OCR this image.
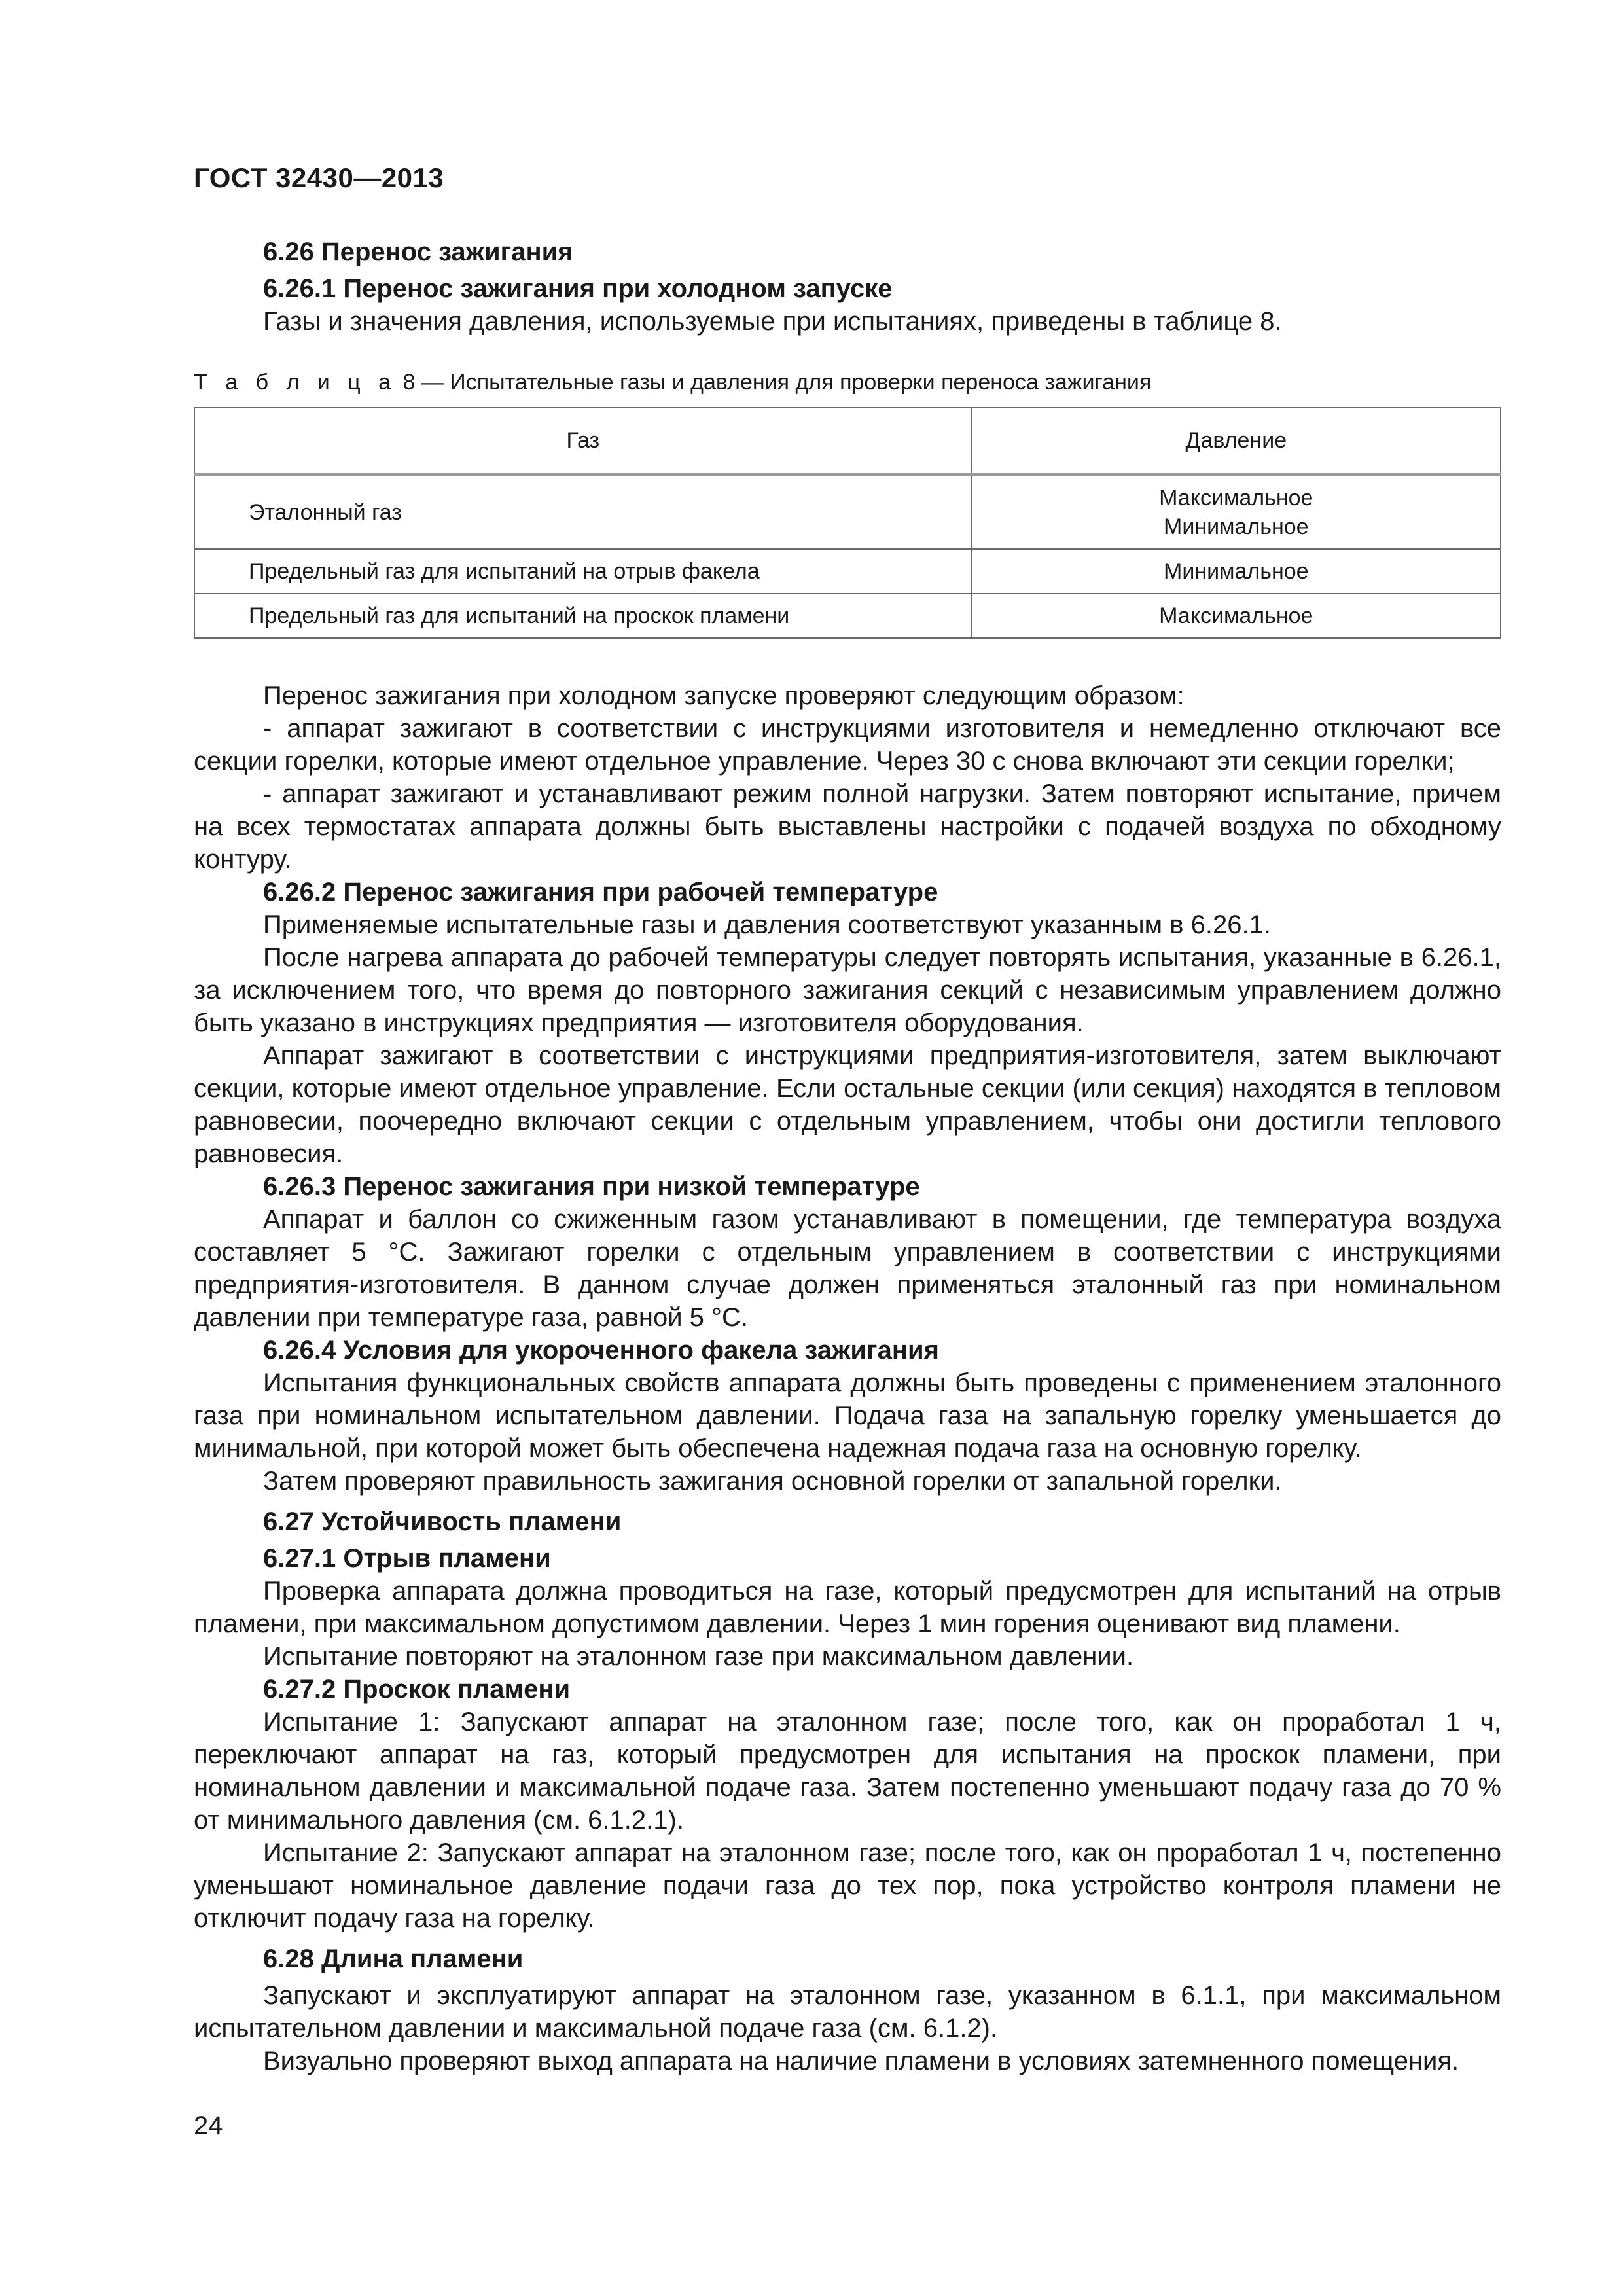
ГОСТ 32430—2013

6.26 Перенос зажигания

6.26.1 Перенос зажигания при холодном запуске

Газы и значения давления, используемые при испытаниях, приведены в таблице 8.

Т а б л и ц а 8 — Испытательные газы и давления для проверки переноса зажигания
Газ	Давление
Эталонный газ	Максимальное
Минимальное

Предельный газ для испытаний на отрыв факела	Минимальное
Предельный газ для испытаний на проскок пламени	Максимальное

Перенос зажигания при холодном запуске проверяют следующим образом:

- аппарат зажигают в соответствии с инструкциями изготовителя и немедленно отключают все секции горелки, которые имеют отдельное управление. Через 30 с снова включают эти секции горелки;

- аппарат зажигают и устанавливают режим полной нагрузки. Затем повторяют испытание, причем на всех термостатах аппарата должны быть выставлены настройки с подачей воздуха по обходному контуру.

6.26.2 Перенос зажигания при рабочей температуре

Применяемые испытательные газы и давления соответствуют указанным в 6.26.1.

После нагрева аппарата до рабочей температуры следует повторять испытания, указанные в 6.26.1, за исключением того, что время до повторного зажигания секций с независимым управлением должно быть указано в инструкциях предприятия — изготовителя оборудования.

Аппарат зажигают в соответствии с инструкциями предприятия-изготовителя, затем выключают секции, которые имеют отдельное управление. Если остальные секции (или секция) находятся в тепловом равновесии, поочередно включают секции с отдельным управлением, чтобы они достигли теплового равновесия.

6.26.3 Перенос зажигания при низкой температуре

Аппарат и баллон со сжиженным газом устанавливают в помещении, где температура воздуха составляет 5 °С. Зажигают горелки с отдельным управлением в соответствии с инструкциями предприятия-изготовителя. В данном случае должен применяться эталонный газ при номинальном давлении при температуре газа, равной 5 °С.

6.26.4 Условия для укороченного факела зажигания

Испытания функциональных свойств аппарата должны быть проведены с применением эталонного газа при номинальном испытательном давлении. Подача газа на запальную горелку уменьшается до минимальной, при которой может быть обеспечена надежная подача газа на основную горелку.

Затем проверяют правильность зажигания основной горелки от запальной горелки.

6.27 Устойчивость пламени

6.27.1 Отрыв пламени

Проверка аппарата должна проводиться на газе, который предусмотрен для испытаний на отрыв пламени, при максимальном допустимом давлении. Через 1 мин горения оценивают вид пламени.

Испытание повторяют на эталонном газе при максимальном давлении.

6.27.2 Проскок пламени

Испытание 1: Запускают аппарат на эталонном газе; после того, как он проработал 1 ч, переключают аппарат на газ, который предусмотрен для испытания на проскок пламени, при номинальном давлении и максимальной подаче газа. Затем постепенно уменьшают подачу газа до 70 % от минимального давления (см. 6.1.2.1).

Испытание 2: Запускают аппарат на эталонном газе; после того, как он проработал 1 ч, постепенно уменьшают номинальное давление подачи газа до тех пор, пока устройство контроля пламени не отключит подачу газа на горелку.

6.28 Длина пламени

Запускают и эксплуатируют аппарат на эталонном газе, указанном в 6.1.1, при максимальном испытательном давлении и максимальной подаче газа (см. 6.1.2).

Визуально проверяют выход аппарата на наличие пламени в условиях затемненного помещения.

24
